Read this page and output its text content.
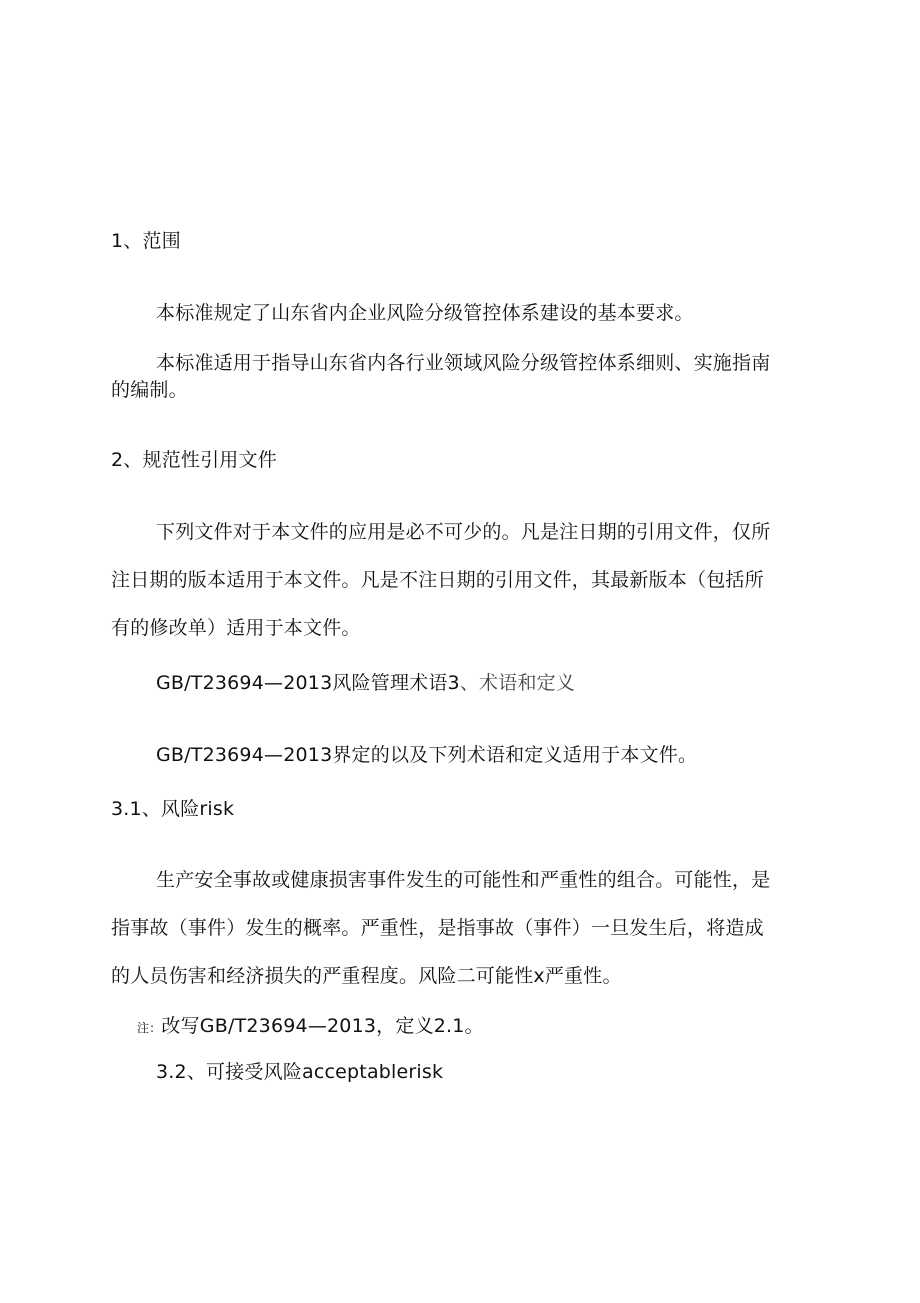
1、范围
本标准规定了山东省内企业风险分级管控体系建设的基本要求。
本标准适用于指导山东省内各行业领域风险分级管控体系细则、实施指南
的编制。
2、规范性引用文件
下列文件对于本文件的应用是必不可少的。凡是注日期的引用文件，仅所
注日期的版本适用于本文件。凡是不注日期的引用文件，其最新版本（包括所
有的修改单）适用于本文件。
GB/T23694—2013风险管理术语3、术语和定义
GB/T23694—2013界定的以及下列术语和定义适用于本文件。
3.1、风险risk
生产安全事故或健康损害事件发生的可能性和严重性的组合。可能性，是
指事故（事件）发生的概率。严重性，是指事故（事件）一旦发生后，将造成
的人员伤害和经济损失的严重程度。风险二可能性x严重性。
注：改写GB/T23694—2013，定义2.1。
3.2、可接受风险acceptablerisk
